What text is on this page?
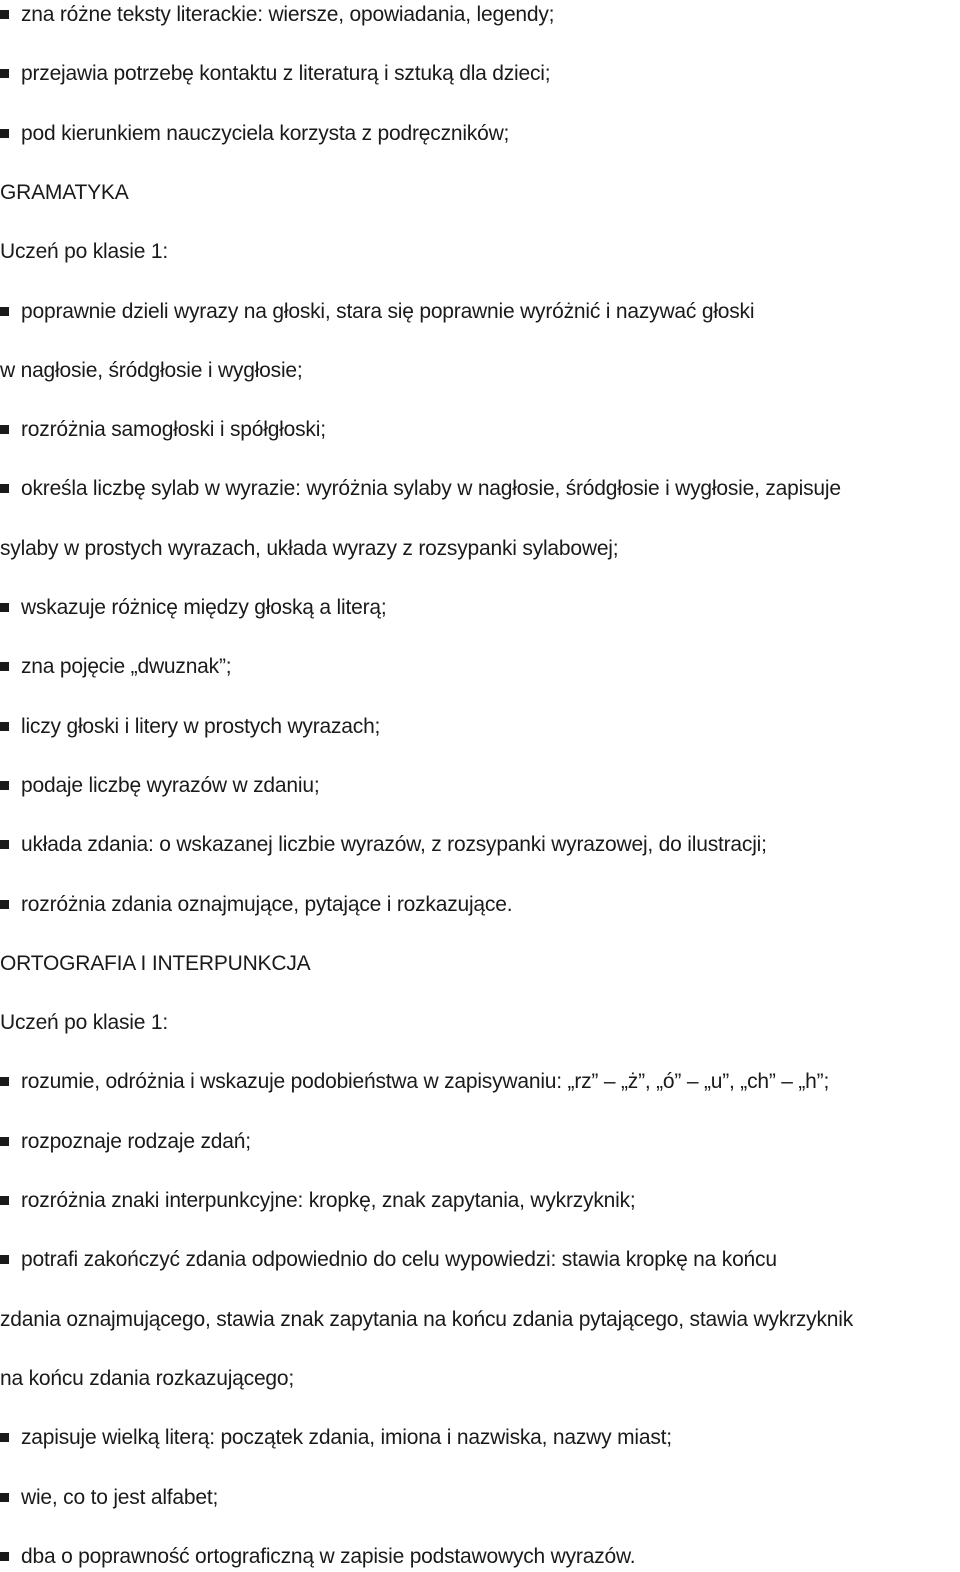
zna różne teksty literackie: wiersze, opowiadania, legendy;
przejawia potrzebę kontaktu z literaturą i sztuką dla dzieci;
pod kierunkiem nauczyciela korzysta z podręczników;
GRAMATYKA
Uczeń po klasie 1:
poprawnie dzieli wyrazy na głoski, stara się poprawnie wyróżnić i nazywać głoski
w nagłosie, śródgłosie i wygłosie;
rozróżnia samogłoski i spółgłoski;
określa liczbę sylab w wyrazie: wyróżnia sylaby w nagłosie, śródgłosie i wygłosie, zapisuje
sylaby w prostych wyrazach, układa wyrazy z rozsypanki sylabowej;
wskazuje różnicę między głoską a literą;
zna pojęcie „dwuznak”;
liczy głoski i litery w prostych wyrazach;
podaje liczbę wyrazów w zdaniu;
układa zdania: o wskazanej liczbie wyrazów, z rozsypanki wyrazowej, do ilustracji;
rozróżnia zdania oznajmujące, pytające i rozkazujące.
ORTOGRAFIA I INTERPUNKCJA
Uczeń po klasie 1:
rozumie, odróżnia i wskazuje podobieństwa w zapisywaniu: „rz” – „ż”, „ó” – „u”, „ch” – „h”;
rozpoznaje rodzaje zdań;
rozróżnia znaki interpunkcyjne: kropkę, znak zapytania, wykrzyknik;
potrafi zakończyć zdania odpowiednio do celu wypowiedzi: stawia kropkę na końcu
zdania oznajmującego, stawia znak zapytania na końcu zdania pytającego, stawia wykrzyknik
na końcu zdania rozkazującego;
zapisuje wielką literą: początek zdania, imiona i nazwiska, nazwy miast;
wie, co to jest alfabet;
dba o poprawność ortograficzną w zapisie podstawowych wyrazów.
